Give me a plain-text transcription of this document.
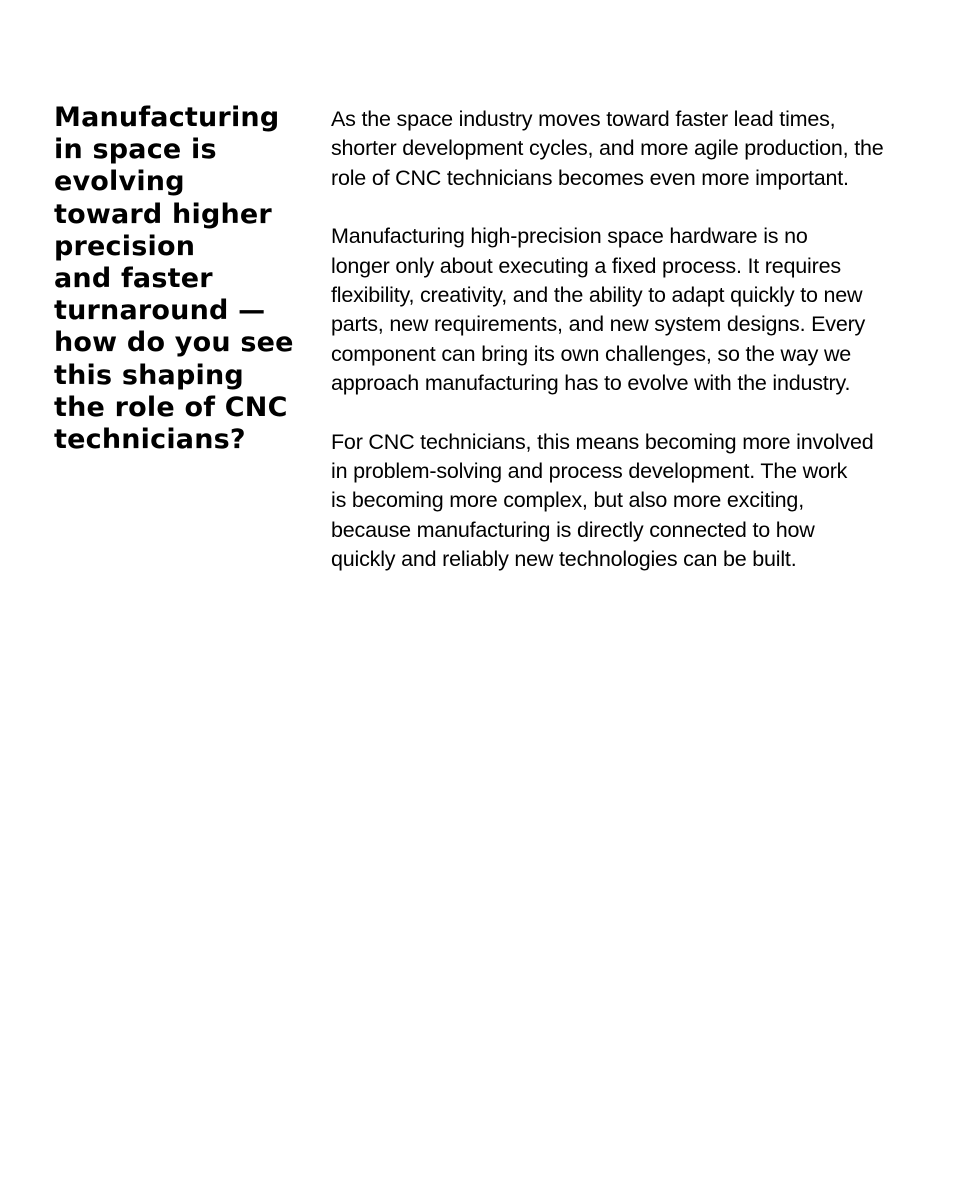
Manufacturing
in space is
evolving
toward higher
precision
and faster
turnaround —
how do you see
this shaping
the role of CNC
technicians?

As the space industry moves toward faster lead times,
shorter development cycles, and more agile production, the
role of CNC technicians becomes even more important.

Manufacturing high-precision space hardware is no
longer only about executing a fixed process. It requires
flexibility, creativity, and the ability to adapt quickly to new
parts, new requirements, and new system designs. Every
component can bring its own challenges, so the way we
approach manufacturing has to evolve with the industry.

For CNC technicians, this means becoming more involved
in problem-solving and process development. The work
is becoming more complex, but also more exciting,
because manufacturing is directly connected to how
quickly and reliably new technologies can be built.
